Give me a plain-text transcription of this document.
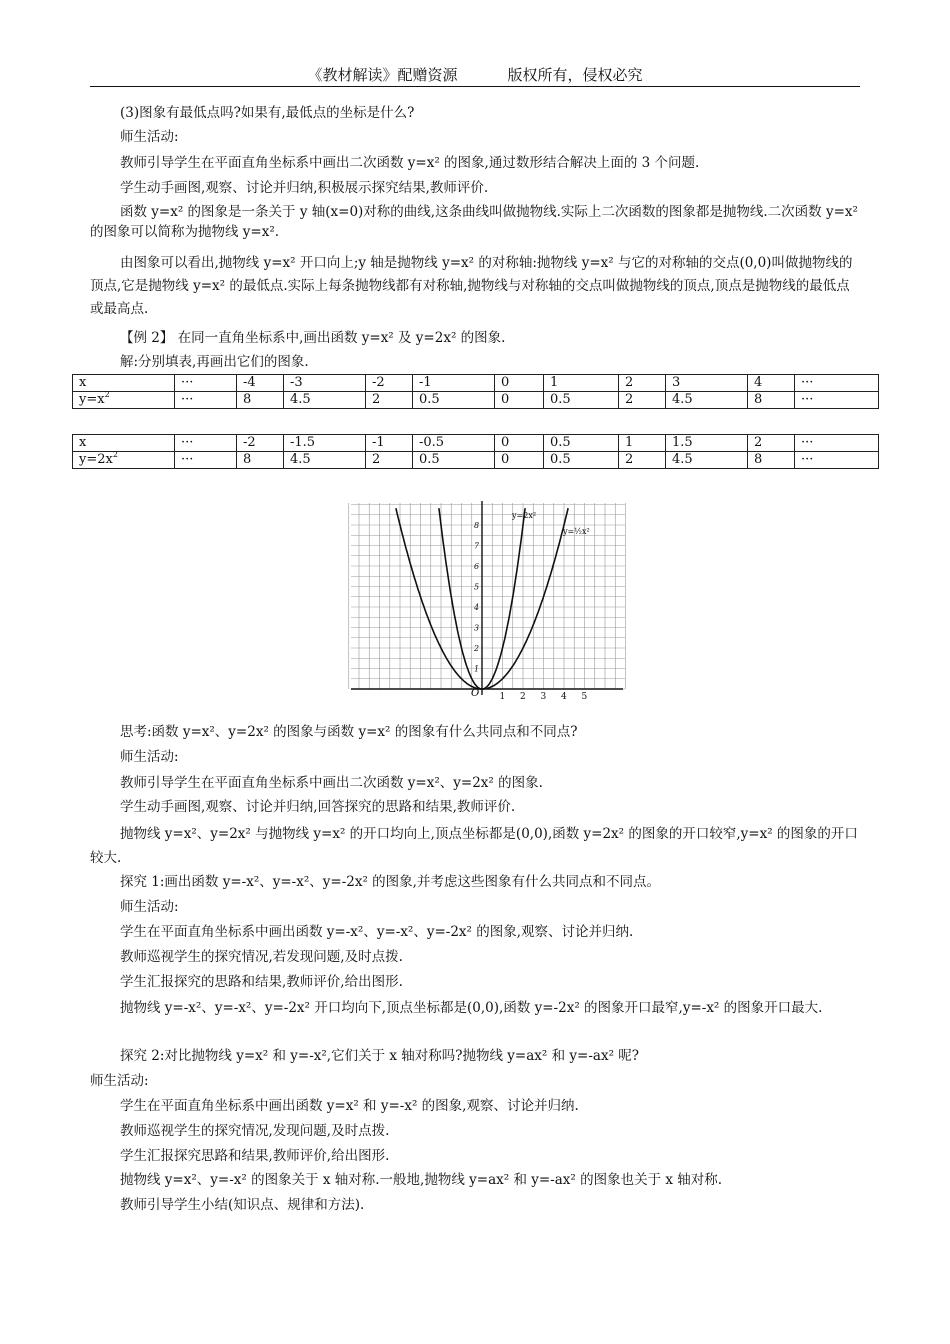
《教材解读》配赠资源	版权所有，侵权必究
(3)图象有最低点吗?如果有,最低点的坐标是什么?
师生活动:
教师引导学生在平面直角坐标系中画出二次函数 y=x² 的图象,通过数形结合解决上面的 3 个问题.
学生动手画图,观察、讨论并归纳,积极展示探究结果,教师评价.
函数 y=x² 的图象是一条关于 y 轴(x=0)对称的曲线,这条曲线叫做抛物线.实际上二次函数的图象都是抛物线.二次函数 y=x² 的图象可以简称为抛物线 y=x².
由图象可以看出,抛物线 y=x² 开口向上;y 轴是抛物线 y=x² 的对称轴:抛物线 y=x² 与它的对称轴的交点(0,0)叫做抛物线的顶点,它是抛物线 y=x² 的最低点.实际上每条抛物线都有对称轴,抛物线与对称轴的交点叫做抛物线的顶点,顶点是抛物线的最低点或最高点.
【例 2】 在同一直角坐标系中,画出函数 y=x² 及 y=2x² 的图象.
解:分别填表,再画出它们的图象.
x	···	-4	-3	-2	-1	0	1	2	3	4	···
$y=x^2$	···	8	4.5	2	0.5	0	0.5	2	4.5	8	···
x	···	-2	-1.5	-1	-0.5	0	0.5	1	1.5	2	···
$y=2x^2$	···	8	4.5	2	0.5	0	0.5	2	4.5	8	···
1
2
3
4
5
6
7
8
1 2 3 4 5
O
y=2x²
y=½x²
思考:函数 y=x²、y=2x² 的图象与函数 y=x² 的图象有什么共同点和不同点?
师生活动:
教师引导学生在平面直角坐标系中画出二次函数 y=x²、y=2x² 的图象.
学生动手画图,观察、讨论并归纳,回答探究的思路和结果,教师评价.
抛物线 y=x²、y=2x² 与抛物线 y=x² 的开口均向上,顶点坐标都是(0,0),函数 y=2x² 的图象的开口较窄,y=x² 的图象的开口较大.
探究 1:画出函数 y=-x²、y=-x²、y=-2x² 的图象,并考虑这些图象有什么共同点和不同点。
师生活动:
学生在平面直角坐标系中画出函数 y=-x²、y=-x²、y=-2x² 的图象,观察、讨论并归纳.
教师巡视学生的探究情况,若发现问题,及时点拨.
学生汇报探究的思路和结果,教师评价,给出图形.
抛物线 y=-x²、y=-x²、y=-2x² 开口均向下,顶点坐标都是(0,0),函数 y=-2x² 的图象开口最窄,y=-x² 的图象开口最大.
探究 2:对比抛物线 y=x² 和 y=-x²,它们关于 x 轴对称吗?抛物线 y=ax² 和 y=-ax² 呢?
师生活动:
学生在平面直角坐标系中画出函数 y=x² 和 y=-x² 的图象,观察、讨论并归纳.
教师巡视学生的探究情况,发现问题,及时点拨.
学生汇报探究思路和结果,教师评价,给出图形.
抛物线 y=x²、y=-x² 的图象关于 x 轴对称.一般地,抛物线 y=ax² 和 y=-ax² 的图象也关于 x 轴对称.
教师引导学生小结(知识点、规律和方法).
